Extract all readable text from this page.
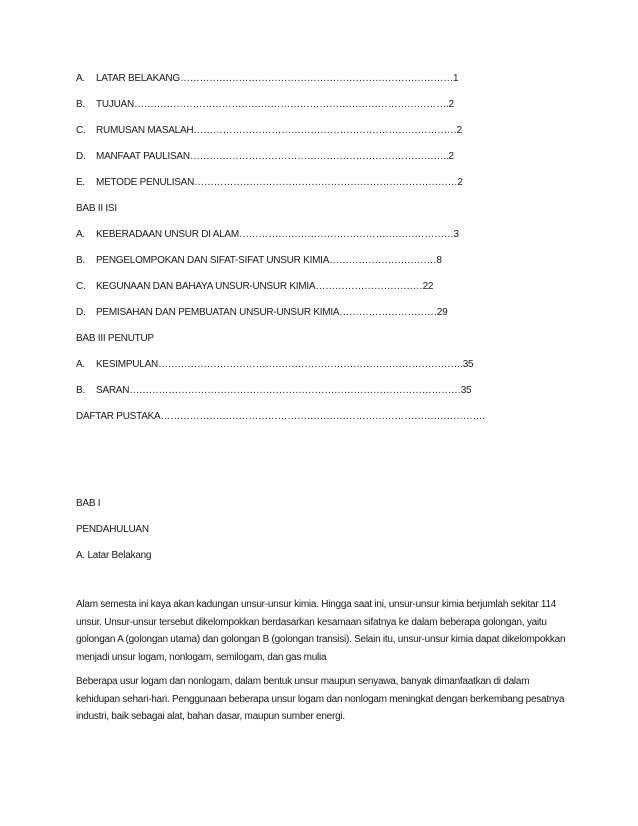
A.	LATAR BELAKANG ………………………………………………………………………… 1
B.	TUJUAN ……………………………………………………………………………………. 2
C.	RUMUSAN MASALAH ……………………………………………………………………… 2
D.	MANFAAT PAULISAN …………………………………………………………………….. 2
E.	METODE PENULISAN ……………………………………………………………………… 2
BAB II ISI
A.	KEBERADAAN UNSUR DI ALAM ………………………………………………………… 3
B.	PENGELOMPOKAN DAN SIFAT-SIFAT UNSUR KIMIA …………………………… 8
C.	KEGUNAAN DAN BAHAYA UNSUR-UNSUR KIMIA …………………………… 22
D.	PEMISAHAN DAN PEMBUATAN UNSUR-UNSUR KIMIA ………………………… 29
BAB III PENUTUP
A.	KESIMPULAN …………………………………………………………………………………. 35
B.	SARAN ………………………………………………………………………………………… 35
DAFTAR PUSTAKA……………………………………………………………………………………….
BAB I
PENDAHULUAN
A. Latar Belakang

Alam semesta ini kaya akan kadungan unsur-unsur kimia. Hingga saat ini, unsur-unsur kimia berjumlah sekitar 114 unsur. Unsur-unsur tersebut dikelompokkan berdasarkan kesamaan sifatnya ke dalam beberapa golongan, yaitu golongan A (golongan utama) dan golongan B (golongan transisi). Selain itu, unsur-unsur kimia dapat dikelompokkan menjadi unsur logam, nonlogam, semilogam, dan gas mulia

Beberapa usur logam dan nonlogam, dalam bentuk unsur maupun senyawa, banyak dimanfaatkan di dalam kehidupan sehari-hari. Penggunaan beberapa unsur logam dan nonlogam meningkat dengan berkembang pesatnya industri, baik sebagai alat, bahan dasar, maupun sumber energi.
